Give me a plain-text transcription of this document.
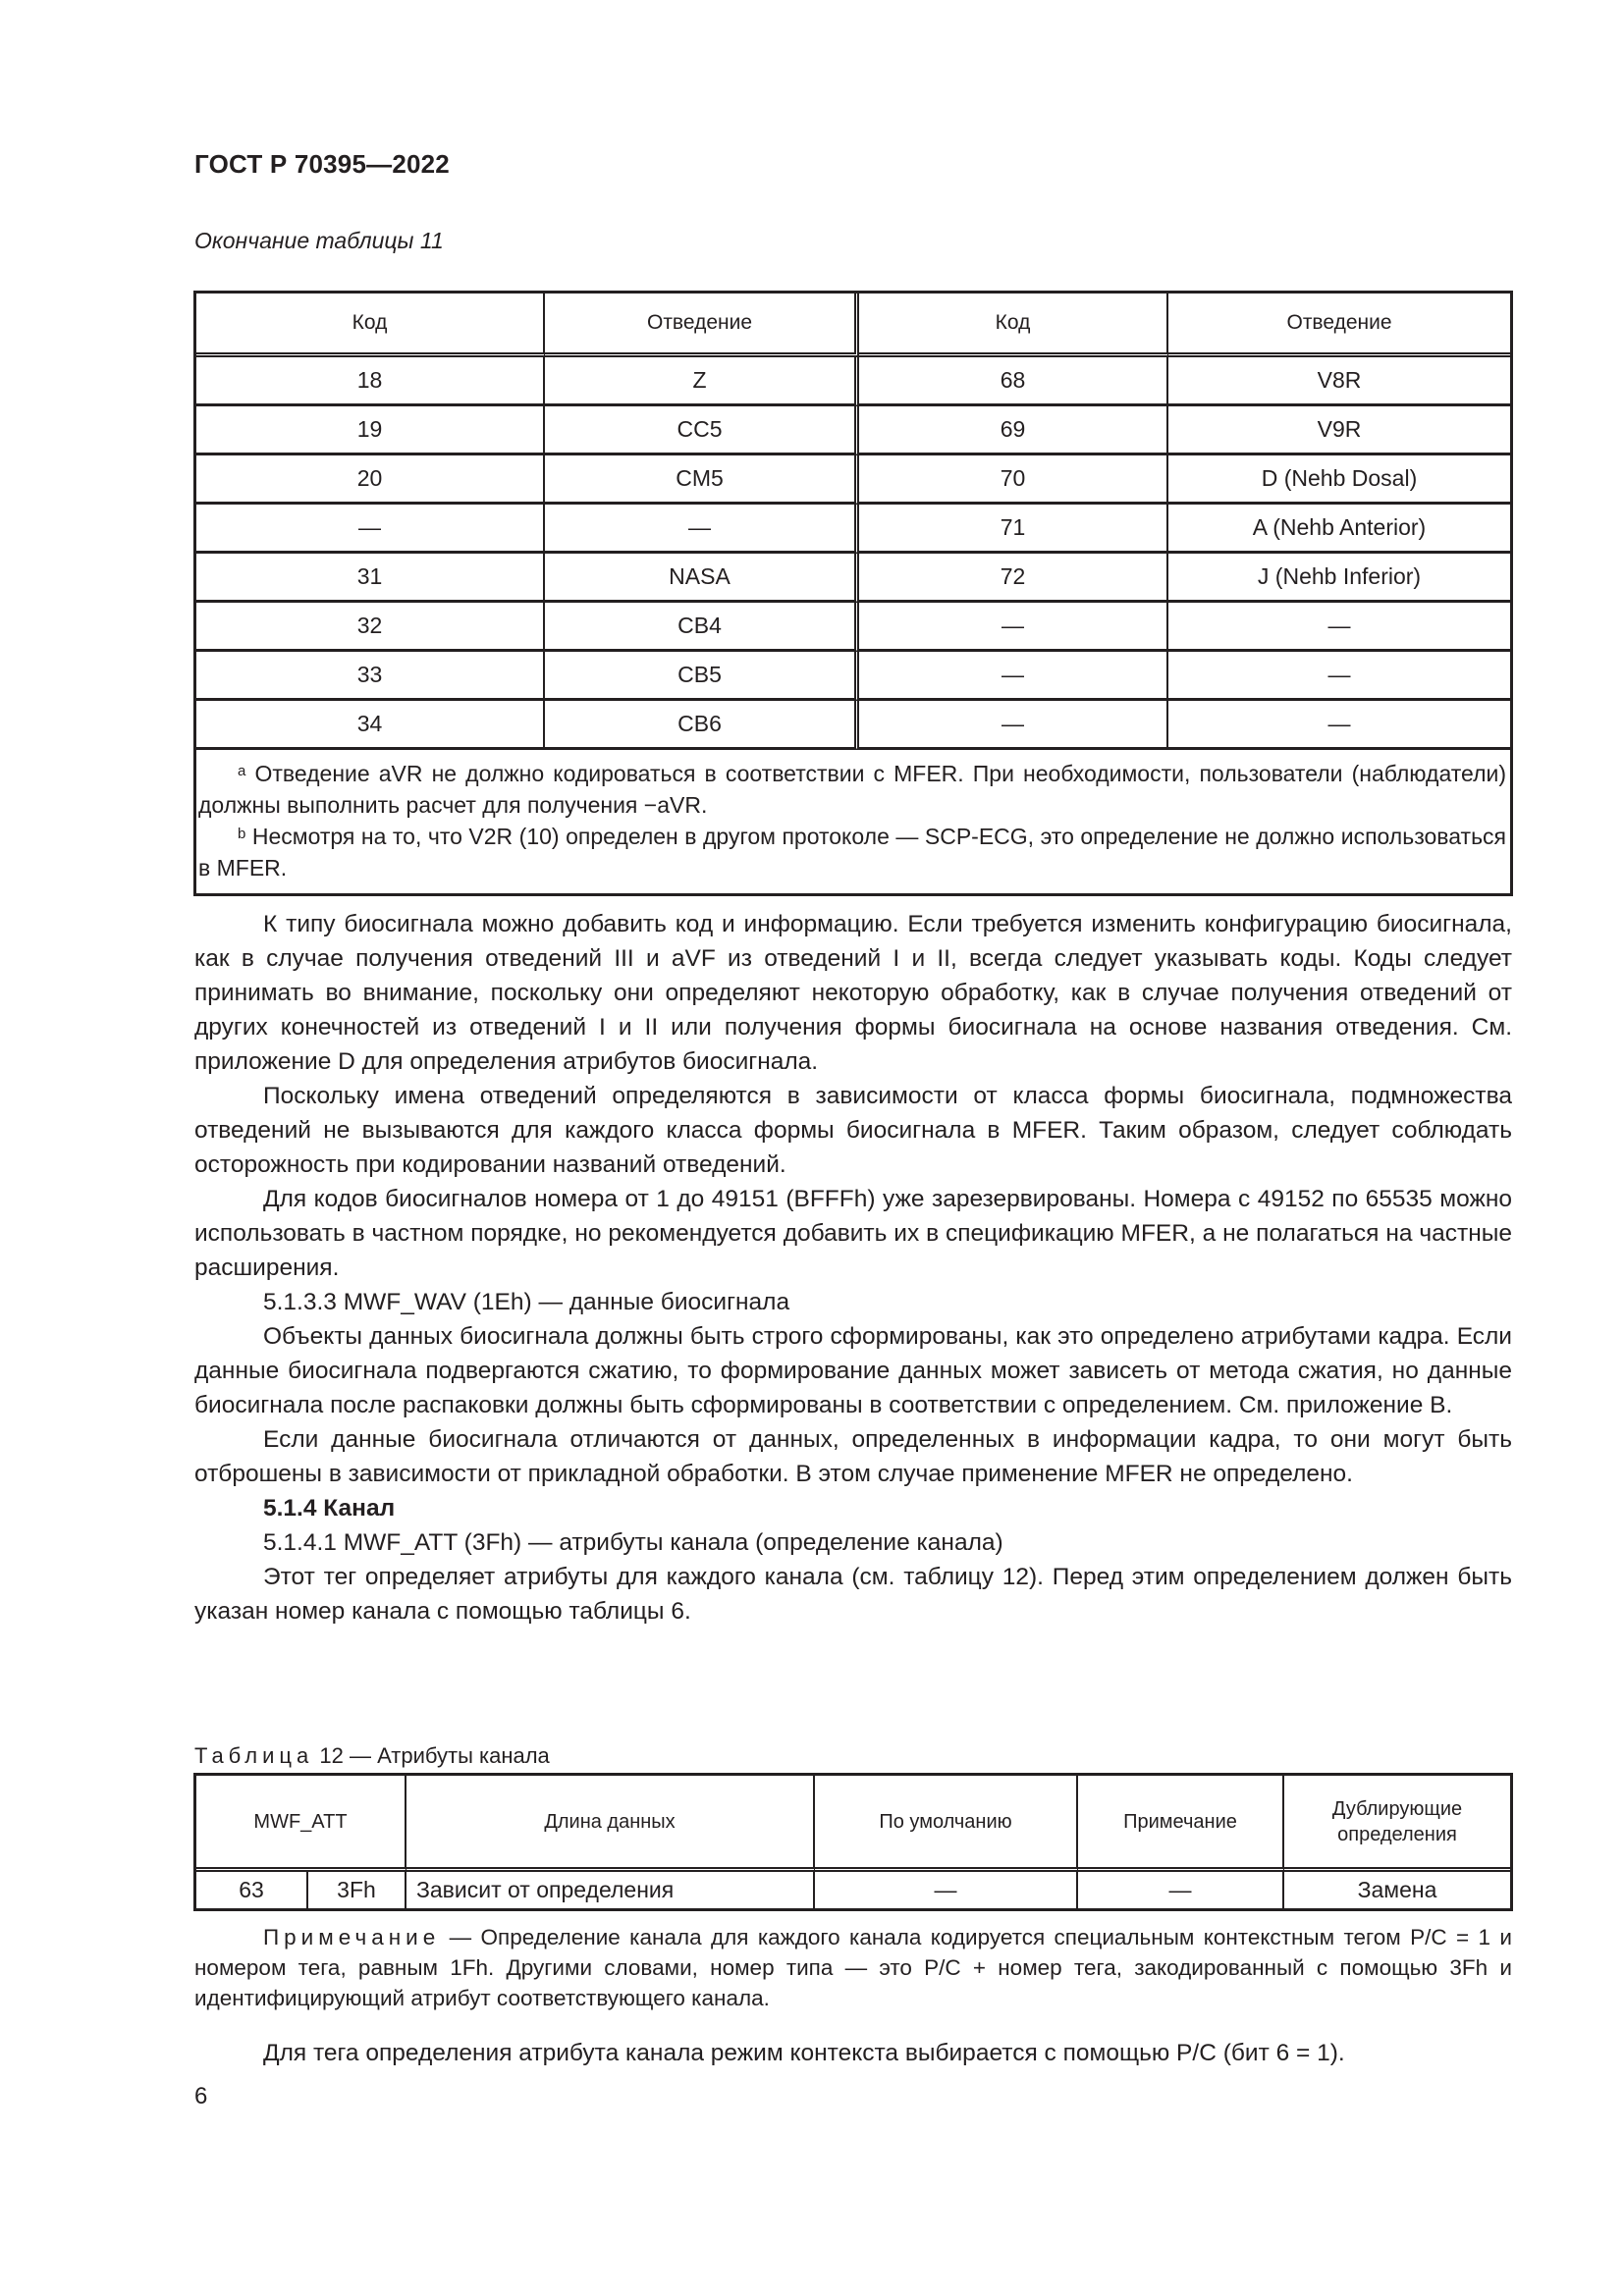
ГОСТ Р 70395—2022
Окончание таблицы 11
Код	Отведение	Код	Отведение
18	Z	68	V8R
19	CC5	69	V9R
20	CM5	70	D (Nehb Dosal)
—	—	71	A (Nehb Anterior)
31	NASA	72	J (Nehb Inferior)
32	CB4	—	—
33	CB5	—	—
34	CB6	—	—

$^a$ Отведение aVR не должно кодироваться в соответствии с MFER. При необходимости, пользователи (наблюдатели) должны выполнить расчет для получения −aVR.
$^b$ Несмотря на то, что V2R (10) определен в другом протоколе — SCP-ECG, это определение не должно использоваться в MFER.			

К типу биосигнала можно добавить код и информацию. Если требуется изменить конфигурацию биосигнала, как в случае получения отведений III и aVF из отведений I и II, всегда следует указывать коды. Коды следует принимать во внимание, поскольку они определяют некоторую обработку, как в случае получения отведений от других конечностей из отведений I и II или получения формы биосигнала на основе названия отведения. См. приложение D для определения атрибутов биосигнала.

Поскольку имена отведений определяются в зависимости от класса формы биосигнала, подмножества отведений не вызываются для каждого класса формы биосигнала в MFER. Таким образом, следует соблюдать осторожность при кодировании названий отведений.

Для кодов биосигналов номера от 1 до 49151 (BFFFh) уже зарезервированы. Номера с 49152 по 65535 можно использовать в частном порядке, но рекомендуется добавить их в спецификацию MFER, а не полагаться на частные расширения.

5.1.3.3 MWF_WAV (1Eh) — данные биосигнала

Объекты данных биосигнала должны быть строго сформированы, как это определено атрибутами кадра. Если данные биосигнала подвергаются сжатию, то формирование данных может зависеть от метода сжатия, но данные биосигнала после распаковки должны быть сформированы в соответствии с определением. См. приложение B.

Если данные биосигнала отличаются от данных, определенных в информации кадра, то они могут быть отброшены в зависимости от прикладной обработки. В этом случае применение MFER не определено.

5.1.4 Канал

5.1.4.1 MWF_ATT (3Fh) — атрибуты канала (определение канала)

Этот тег определяет атрибуты для каждого канала (см. таблицу 12). Перед этим определением должен быть указан номер канала с помощью таблицы 6.

Таблица 12 — Атрибуты канала
MWF_ATT		Длина данных	По умолчанию	Примечание	Дублирующие определения
63	3Fh	Зависит от определения	—	—	Замена
Примечание — Определение канала для каждого канала кодируется специальным контекстным тегом P/C = 1 и номером тега, равным 1Fh. Другими словами, номер типа — это P/C + номер тега, закодированный с помощью 3Fh и идентифицирующий атрибут соответствующего канала.
Для тега определения атрибута канала режим контекста выбирается с помощью P/C (бит 6 = 1).
6
